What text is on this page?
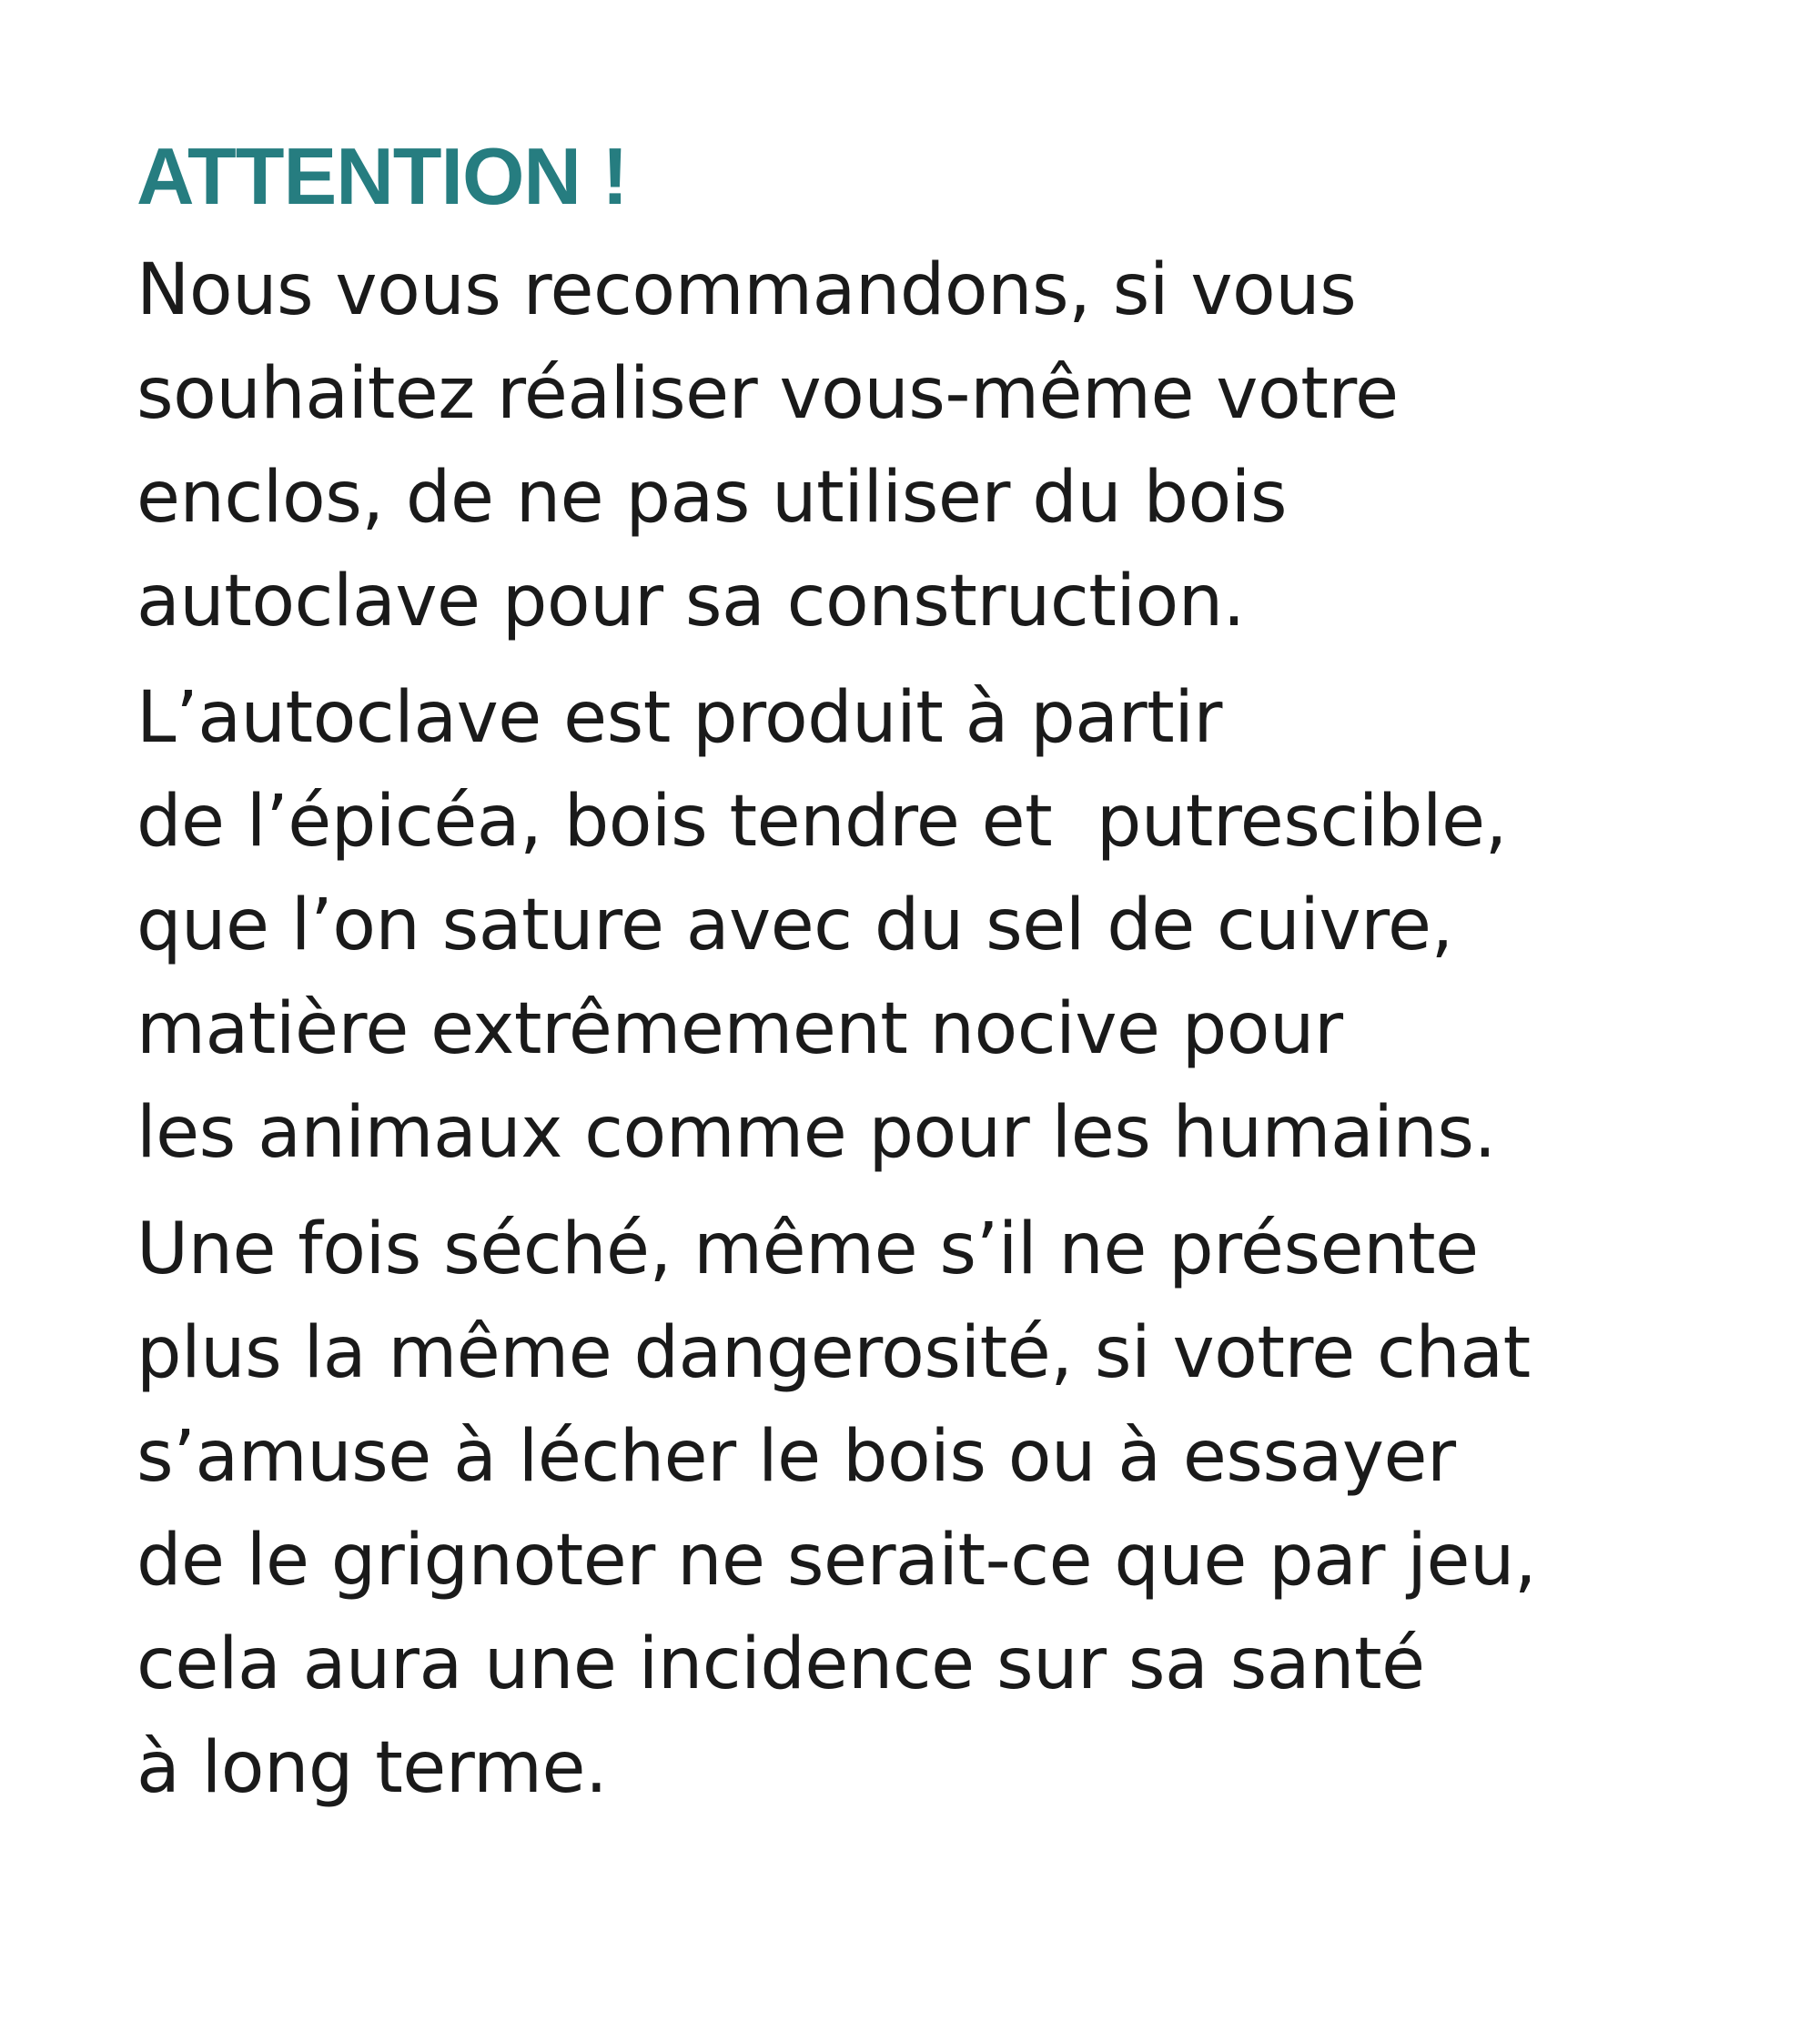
ATTENTION !

Nous vous recommandons, si vous
souhaitez réaliser vous-même votre
enclos, de ne pas utiliser du bois
autoclave pour sa construction.

L’autoclave est produit à partir
de l’épicéa, bois tendre et  putrescible,
que l’on sature avec du sel de cuivre,
matière extrêmement nocive pour
les animaux comme pour les humains.

Une fois séché, même s’il ne présente
plus la même dangerosité, si votre chat
s’amuse à lécher le bois ou à essayer
de le grignoter ne serait-ce que par jeu,
cela aura une incidence sur sa santé
à long terme.
